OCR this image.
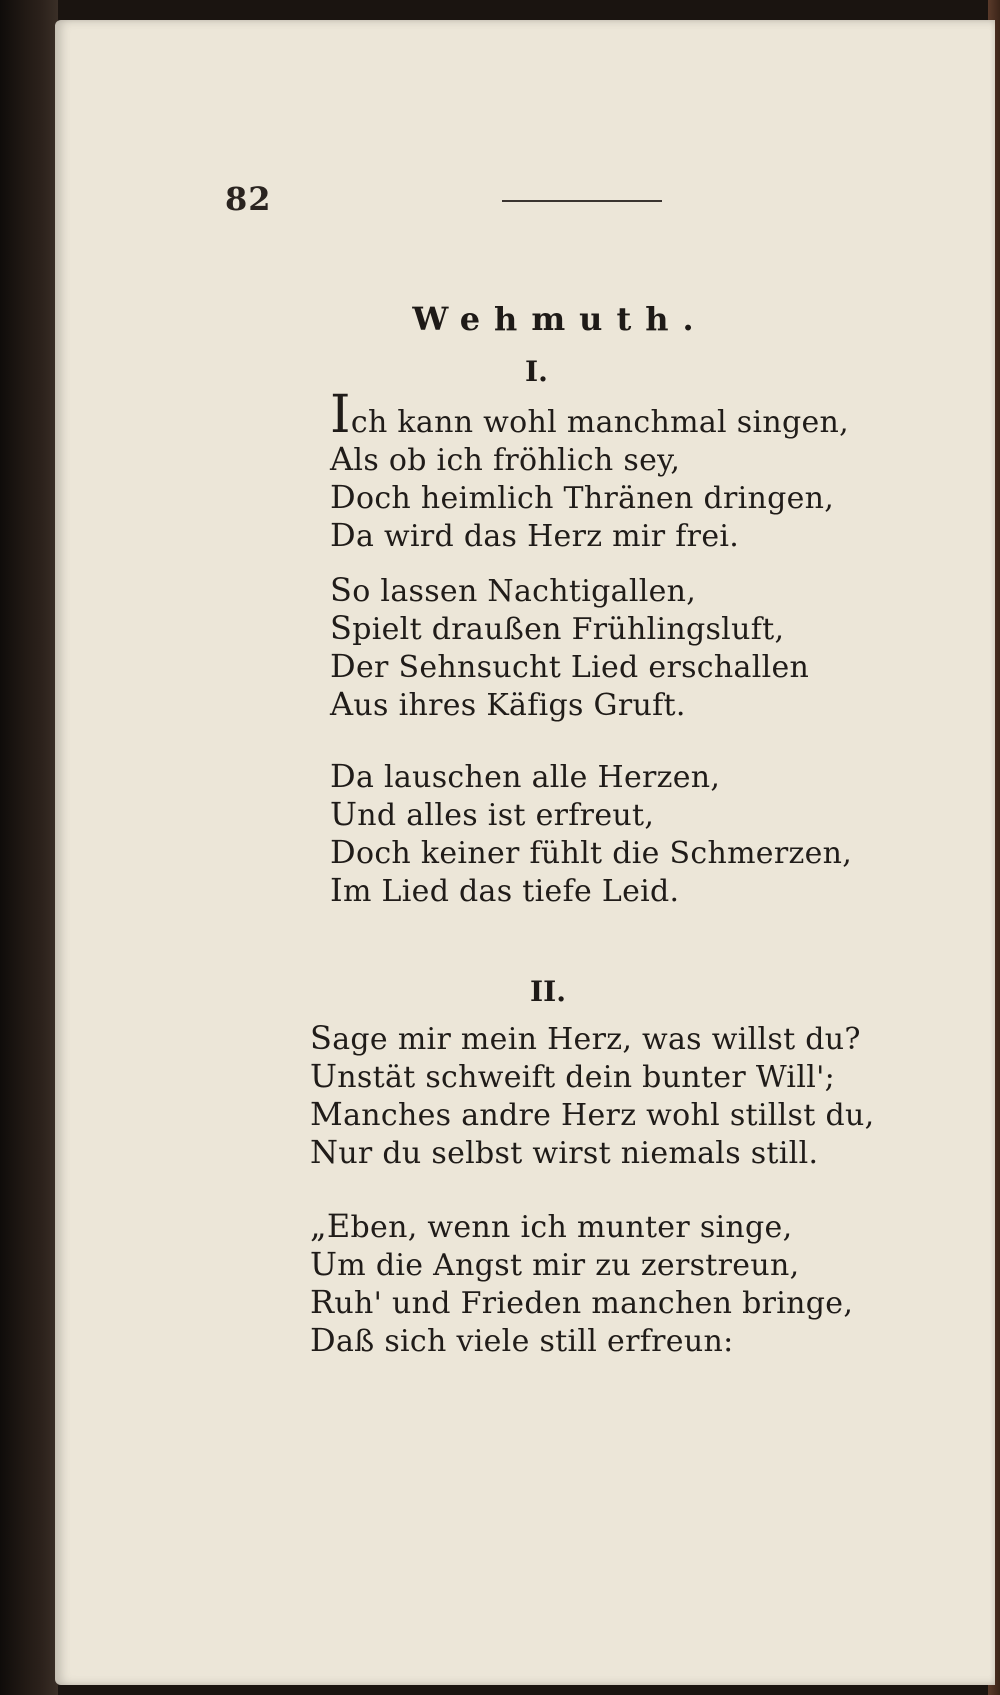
82
Wehmuth.
I.
Ich kann wohl manchmal singen,
Als ob ich fröhlich sey,
Doch heimlich Thränen dringen,
Da wird das Herz mir frei.
So lassen Nachtigallen,
Spielt draußen Frühlingsluft,
Der Sehnsucht Lied erschallen
Aus ihres Käfigs Gruft.
Da lauschen alle Herzen,
Und alles ist erfreut,
Doch keiner fühlt die Schmerzen,
Im Lied das tiefe Leid.
II.
Sage mir mein Herz, was willst du?
Unstät schweift dein bunter Will';
Manches andre Herz wohl stillst du,
Nur du selbst wirst niemals still.
„Eben, wenn ich munter singe,
Um die Angst mir zu zerstreun,
Ruh' und Frieden manchen bringe,
Daß sich viele still erfreun:
